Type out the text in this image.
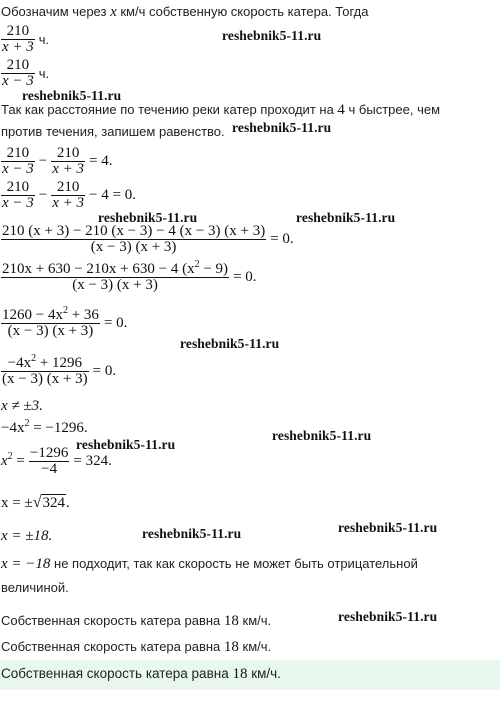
Обозначим через x км/ч собственную скорость катера. Тогда
$\frac{210}{x + 3} ч$.
$\frac{210}{x - 3} ч$.
Так как расстояние по течению реки катер проходит на 4 ч быстрее, чем
против течения, запишем равенство.
$\frac{210}{x - 3} - \frac{210}{x + 3} = 4$.
$\frac{210}{x - 3} - \frac{210}{x + 3} - 4 = 0$.
$\frac{210 (x + 3) - 210 (x - 3) - 4 (x - 3) (x + 3)}{(x - 3) (x + 3)} = 0$.
$\frac{210x + 630 - 210x + 630 - 4 (x^2 - 9)}{(x - 3) (x + 3)} = 0$.
$\frac{1260 - 4x^2 + 36}{(x - 3) (x + 3)} = 0$.
$\frac{-4x^2 + 1296}{(x - 3) (x + 3)} = 0$.
x ≠ ±3.
$-4x^2 = -1296$.
$x^2 = \frac{-1296}{-4} = 324$.
x = ±√324.
x = ±18.
x = −18 не подходит, так как скорость не может быть отрицательной
величиной.
Собственная скорость катера равна 18 км/ч.
Собственная скорость катера равна 18 км/ч.
Собственная скорость катера равна 18 км/ч.
reshebnik5-11.ru
reshebnik5-11.ru
reshebnik5-11.ru
reshebnik5-11.ru	reshebnik5-11.ru
reshebnik5-11.ru
reshebnik5-11.ru
reshebnik5-11.ru
reshebnik5-11.ru	reshebnik5-11.ru
reshebnik5-11.ru
